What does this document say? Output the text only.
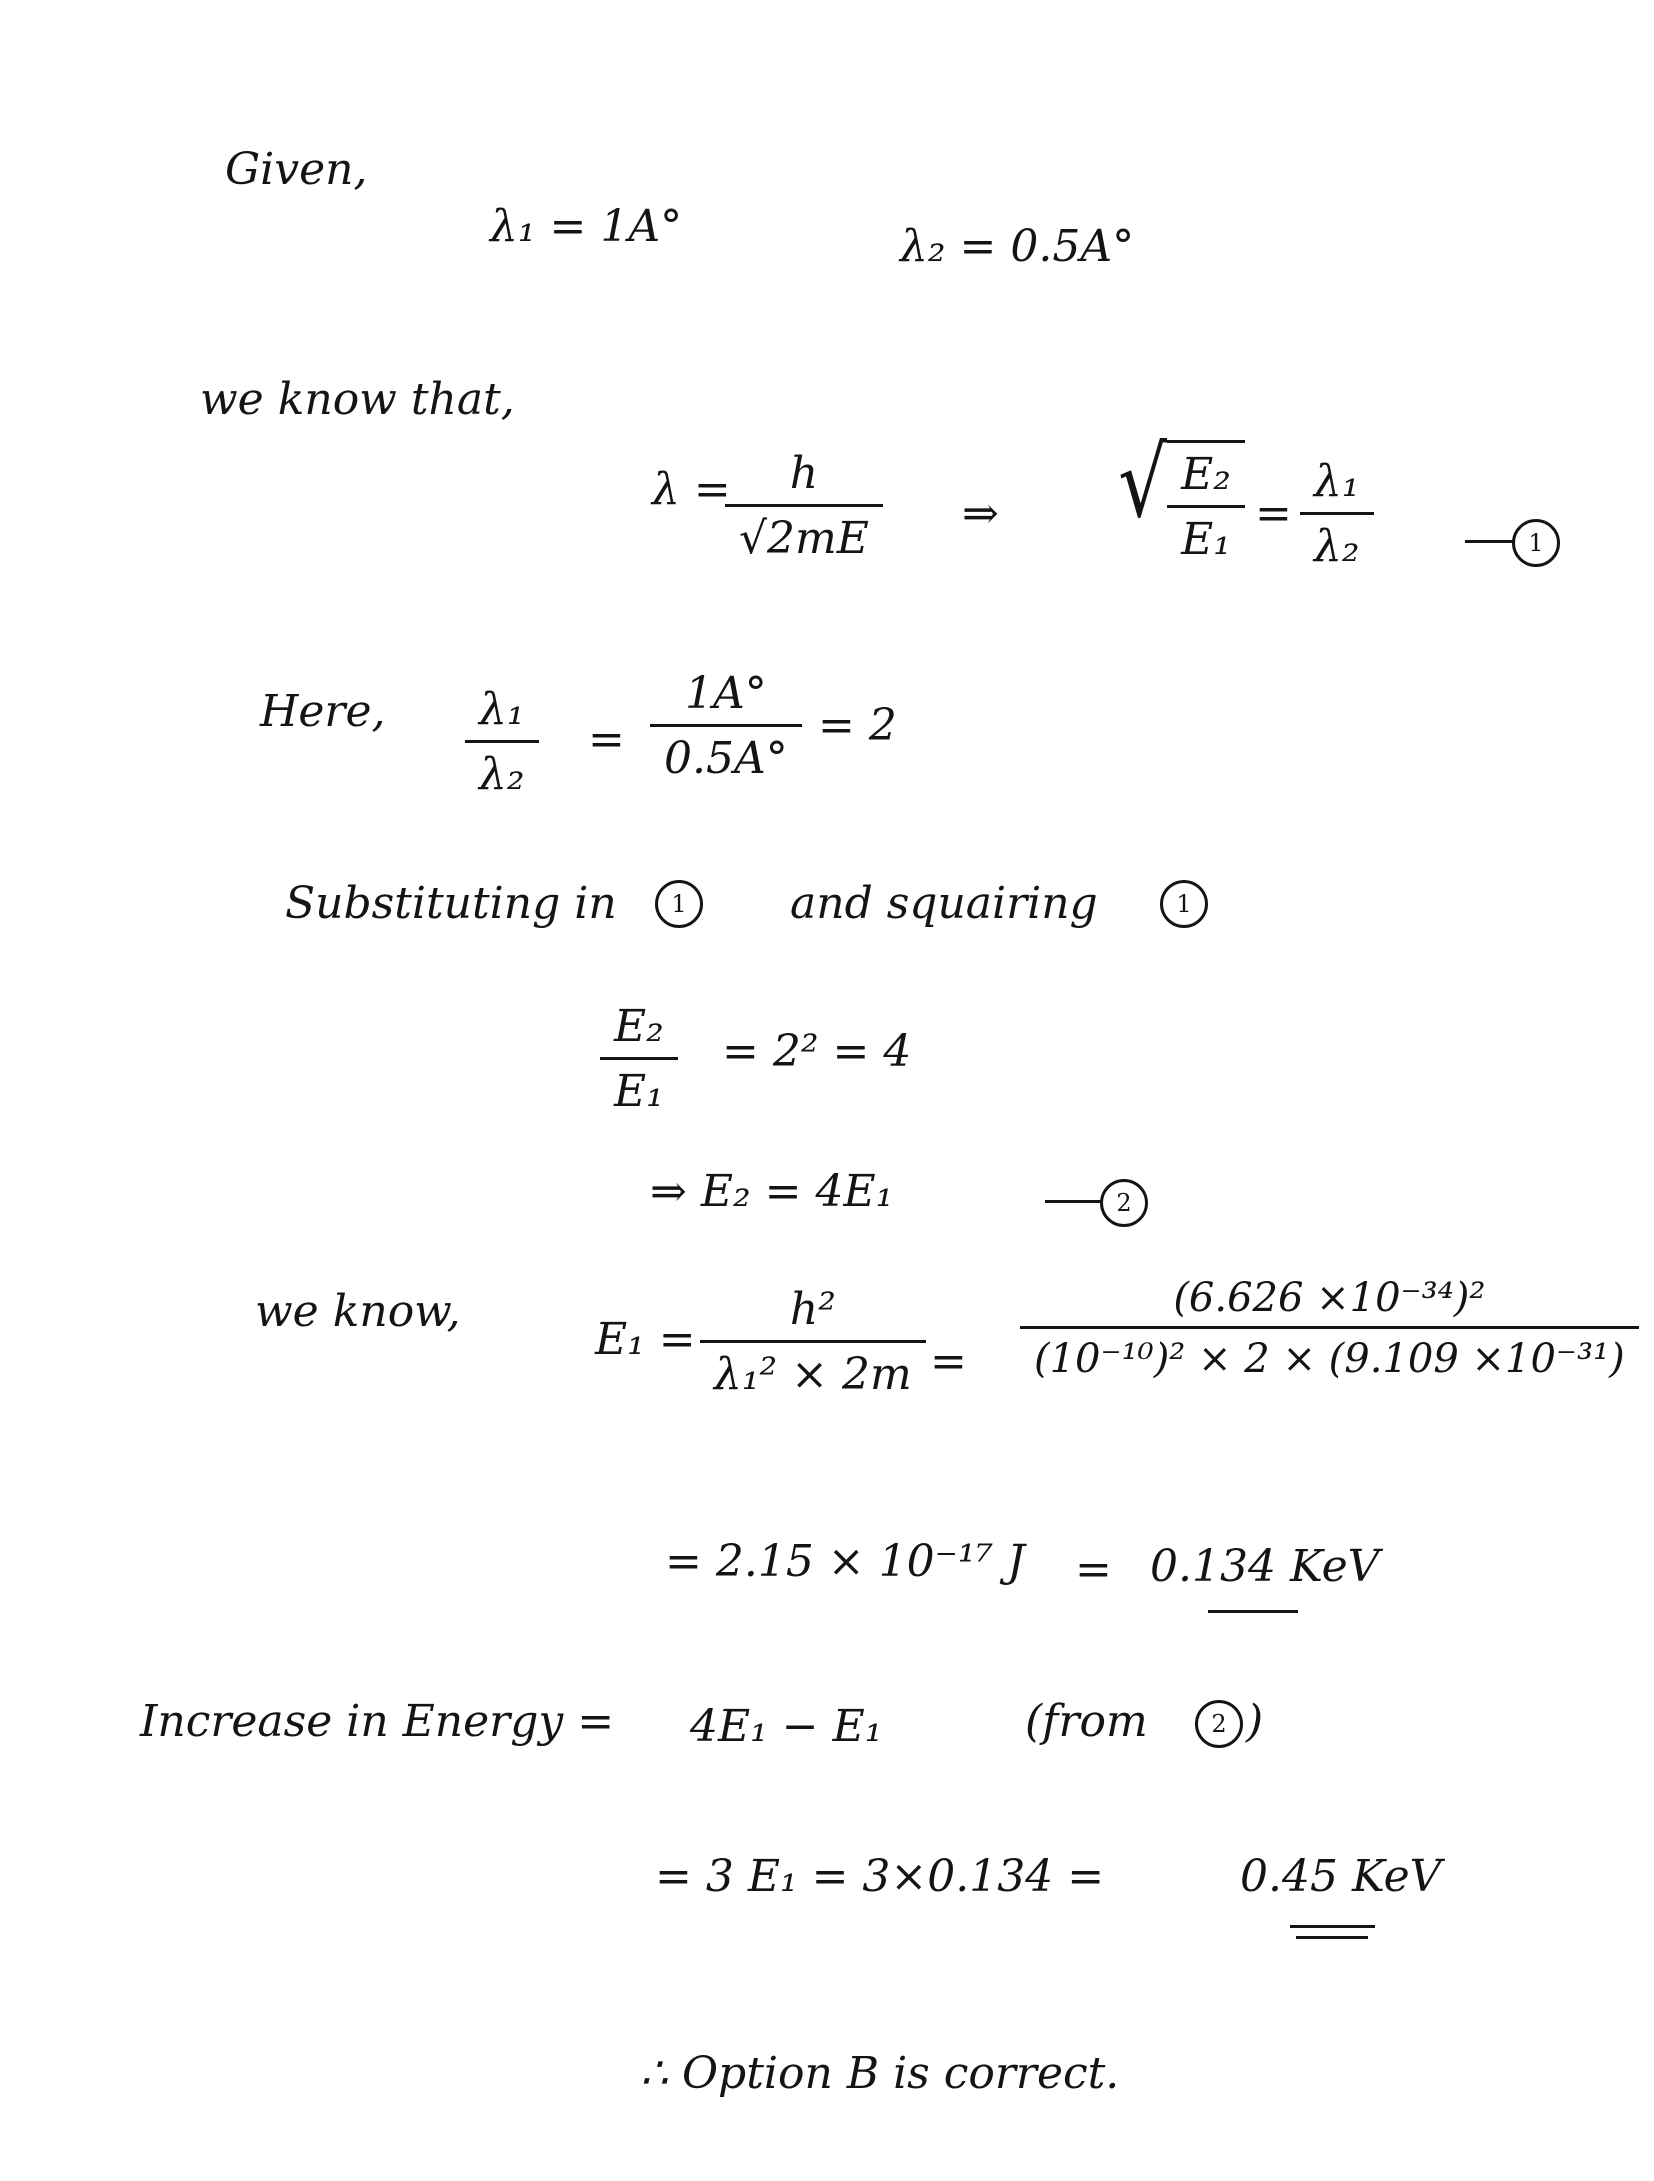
Given,
λ₁ = 1A°	λ₂ = 0.5A°
we know that,
λ =
$\frac{h}{√2mE}$ ⇒ √ $\frac{\text{E₂}}{\text{E₁}} = \frac{\text{λ₁}}{\text{λ₂}}$	1
Here, $\frac{\text{λ₁}}{\text{λ₂}} = \frac{1A^\circ}{0.5A^\circ} = 2$
Substituting in	1	and squairing	1
$\frac{\text{E₂}}{\text{E₁}} = 2^2 = 4$
⇒ E₂ = 4E₁	2
we know,
$E_1 = \frac{\text{h²}}{\text{λ₁² × 2m}} = \frac{\text{(6.626 ×10⁻³⁴)²}}{\text{(10⁻¹⁰)² × 2 × (9.109 ×10⁻³¹)}}$
= 2.15 × 10⁻¹⁷ J = 0.134 KeV
Increase in Energy = 4E₁ − E₁	(from	2 )
= 3 E₁ = 3×0.134 =	0.45 KeV
∴ Option B is correct.
